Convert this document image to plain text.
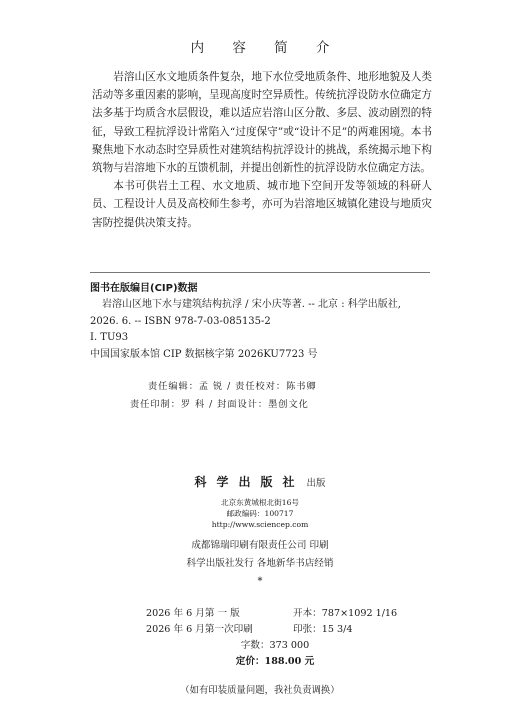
内 容 简 介

岩溶山区水文地质条件复杂，地下水位受地质条件、地形地貌及人类活动等多重因素的影响，呈现高度时空异质性。传统抗浮设防水位确定方法多基于均质含水层假设，难以适应岩溶山区分散、多层、波动剧烈的特征，导致工程抗浮设计常陷入“过度保守”或“设计不足”的两难困境。本书聚焦地下水动态时空异质性对建筑结构抗浮设计的挑战，系统揭示地下构筑物与岩溶地下水的互馈机制，并提出创新性的抗浮设防水位确定方法。

本书可供岩土工程、水文地质、城市地下空间开发等领域的科研人员、工程设计人员及高校师生参考，亦可为岩溶地区城镇化建设与地质灾害防控提供决策支持。

图书在版编目(CIP)数据
岩溶山区地下水与建筑结构抗浮 / 宋小庆等著. -- 北京 : 科学出版社,
2026. 6. -- ISBN 978-7-03-085135-2
Ⅰ. TU93
中国国家版本馆 CIP 数据核字第 2026KU7723 号
责任编辑：孟 锐 / 责任校对：陈书卿
责任印制：罗 科 / 封面设计：墨创文化
科学出版社 出版
北京东黄城根北街16号
邮政编码：100717
http://www.sciencep.com
成都锦瑞印刷有限责任公司 印刷
科学出版社发行 各地新华书店经销
*
2026 年 6 月第 一 版	开本：787×1092 1/16
2026 年 6 月第一次印刷	印张：15 3/4
字数：373 000
定价：188.00 元
（如有印装质量问题，我社负责调换）
